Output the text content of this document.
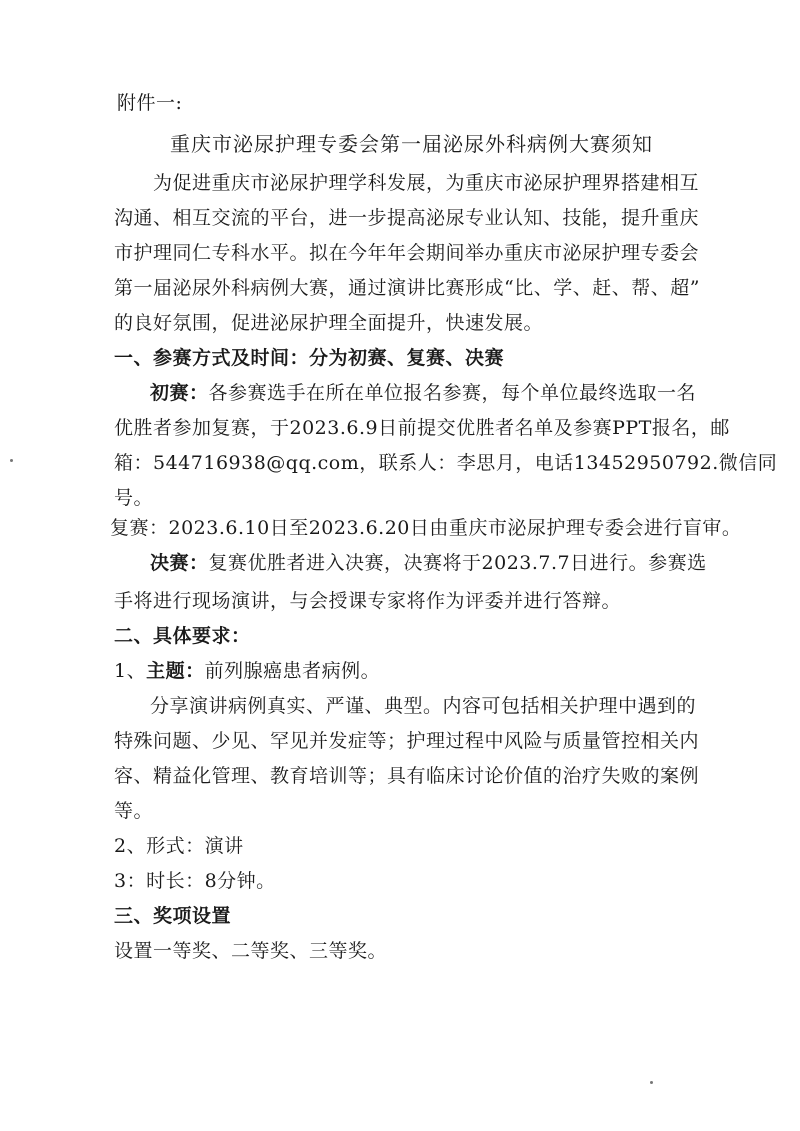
附件一:
重庆市泌尿护理专委会第一届泌尿外科病例大赛须知
为促进重庆市泌尿护理学科发展，为重庆市泌尿护理界搭建相互
沟通、相互交流的平台，进一步提高泌尿专业认知、技能，提升重庆
市护理同仁专科水平。拟在今年年会期间举办重庆市泌尿护理专委会
第一届泌尿外科病例大赛，通过演讲比赛形成“比、学、赶、帮、超”
的良好氛围，促进泌尿护理全面提升，快速发展。
一、参赛方式及时间：分为初赛、复赛、决赛
初赛：各参赛选手在所在单位报名参赛，每个单位最终选取一名
优胜者参加复赛，于2023.6.9日前提交优胜者名单及参赛PPT报名，邮
箱：544716938@qq.com，联系人：李思月，电话13452950792.微信同
号。
复赛：2023.6.10日至2023.6.20日由重庆市泌尿护理专委会进行盲审。
决赛：复赛优胜者进入决赛，决赛将于2023.7.7日进行。参赛选
手将进行现场演讲，与会授课专家将作为评委并进行答辩。
二、具体要求：
1、主题：前列腺癌患者病例。
分享演讲病例真实、严谨、典型。内容可包括相关护理中遇到的
特殊问题、少见、罕见并发症等；护理过程中风险与质量管控相关内
容、精益化管理、教育培训等；具有临床讨论价值的治疗失败的案例
等。
2、形式：演讲
3：时长：8分钟。
三、奖项设置
设置一等奖、二等奖、三等奖。
